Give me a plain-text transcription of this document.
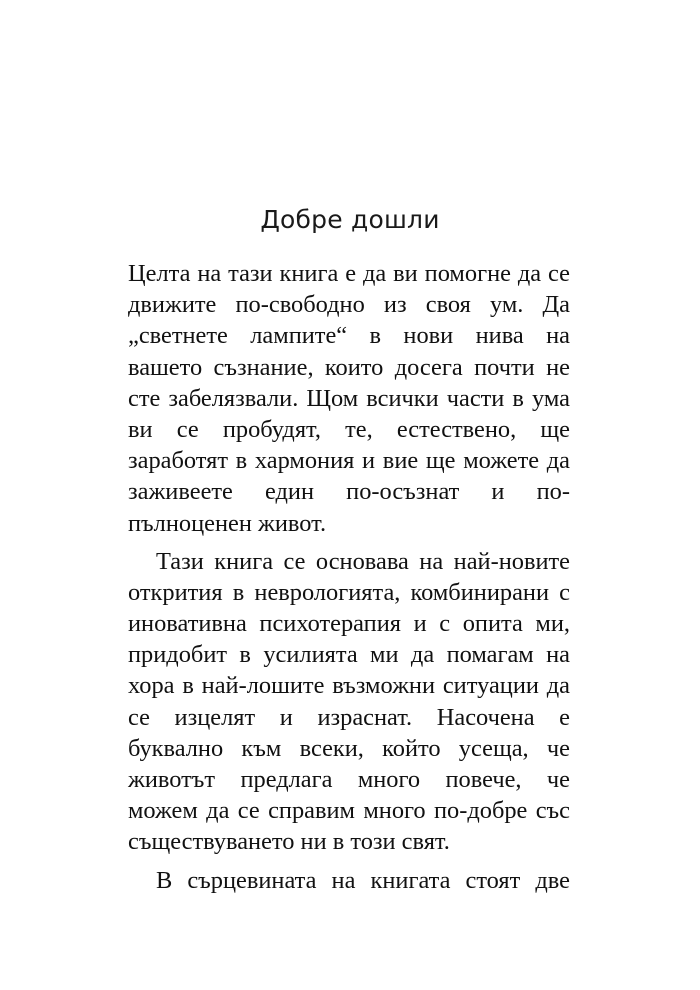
Добре дошли
Целта на тази книга е да ви помогне да се
движите по-свободно из своя ум. Да
„светнете лампите“ в нови нива на
вашето съзнание, които досега почти не
сте забелязвали. Щом всички части в ума
ви се пробудят, те, естествено, ще
заработят в хармония и вие ще можете да
заживеете един по-осъзнат и по-
пълноценен живот.
Тази книга се основава на най-новите
открития в неврологията, комбинирани с
иновативна психотерапия и с опита ми,
придобит в усилията ми да помагам на
хора в най-лошите възможни ситуации да
се изцелят и израснат. Насочена е
буквално към всеки, който усеща, че
животът предлага много повече, че
можем да се справим много по-добре със
съществуването ни в този свят.
В сърцевината на книгата стоят две
